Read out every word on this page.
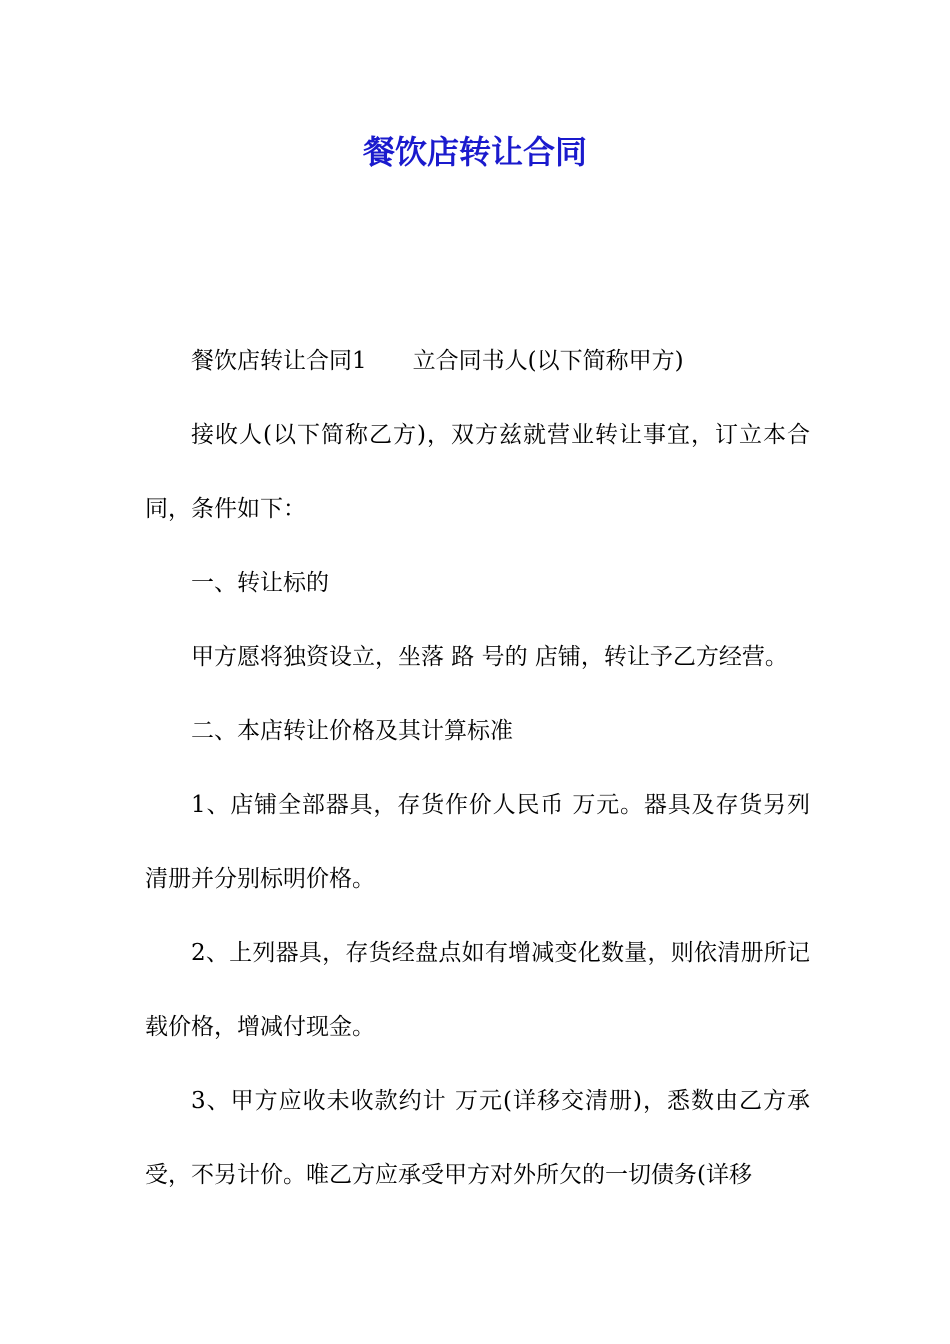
餐饮店转让合同

餐饮店转让合同1　　立合同书人(以下简称甲方)

接收人(以下简称乙方)，双方兹就营业转让事宜，订立本合同，条件如下：

一、转让标的

甲方愿将独资设立，坐落 路 号的 店铺，转让予乙方经营。

二、本店转让价格及其计算标准

1、店铺全部器具，存货作价人民币 万元。器具及存货另列清册并分别标明价格。

2、上列器具，存货经盘点如有增减变化数量，则依清册所记载价格，增减付现金。

3、甲方应收未收款约计 万元(详移交清册)，悉数由乙方承受，不另计价。唯乙方应承受甲方对外所欠的一切债务(详移
